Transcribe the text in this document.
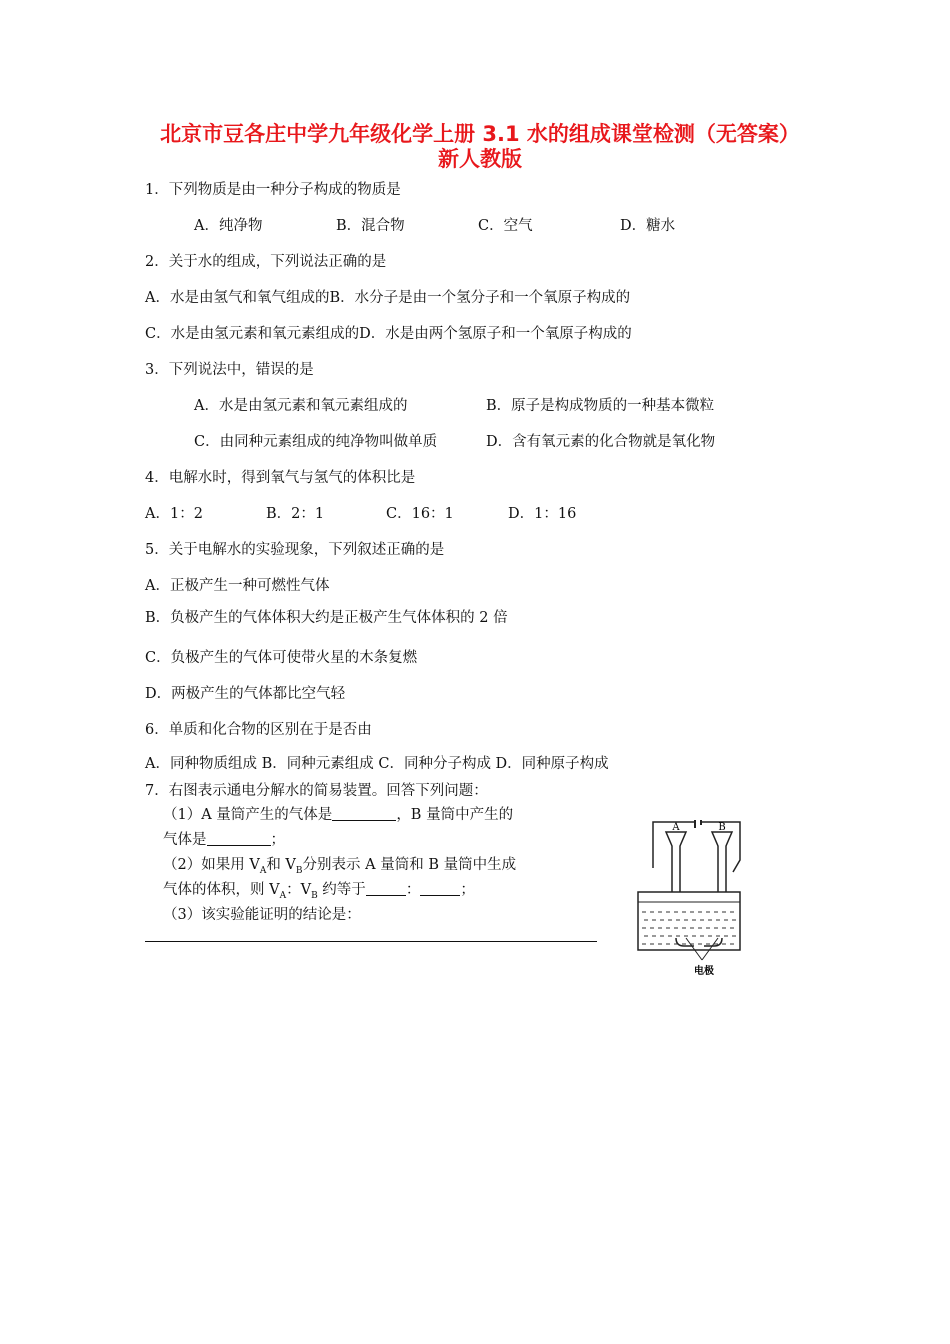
北京市豆各庄中学九年级化学上册 3.1 水的组成课堂检测（无答案） 新人教版
1．下列物质是由一种分子构成的物质是
A．纯净物	B．混合物	C．空气	D．糖水
2．关于水的组成，下列说法正确的是
A．水是由氢气和氧气组成的B．水分子是由一个氢分子和一个氧原子构成的
C．水是由氢元素和氧元素组成的D．水是由两个氢原子和一个氧原子构成的
3．下列说法中，错误的是
A．水是由氢元素和氧元素组成的	B．原子是构成物质的一种基本微粒
C．由同种元素组成的纯净物叫做单质	D．含有氧元素的化合物就是氧化物
4．电解水时，得到氧气与氢气的体积比是
A．1：2	B．2：1	C．16：1	D．1：16
5．关于电解水的实验现象，下列叙述正确的是
A．正极产生一种可燃性气体
B．负极产生的气体体积大约是正极产生气体体积的 2 倍
C．负极产生的气体可使带火星的木条复燃
D．两极产生的气体都比空气轻
6．单质和化合物的区别在于是否由
A．同种物质组成 B．同种元素组成 C．同种分子构成 D．同种原子构成
7．右图表示通电分解水的简易装置。回答下列问题：
（1）A 量筒产生的气体是	，B 量筒中产生的
气体是	；
（2）如果用 $V_A$和 $V_B$分别表示 A 量筒和 B 量筒中生成
气体的体积，则 $V_A$：$V_B$ 约等于	：	；
（3）该实验能证明的结论是：
A	B
电极
